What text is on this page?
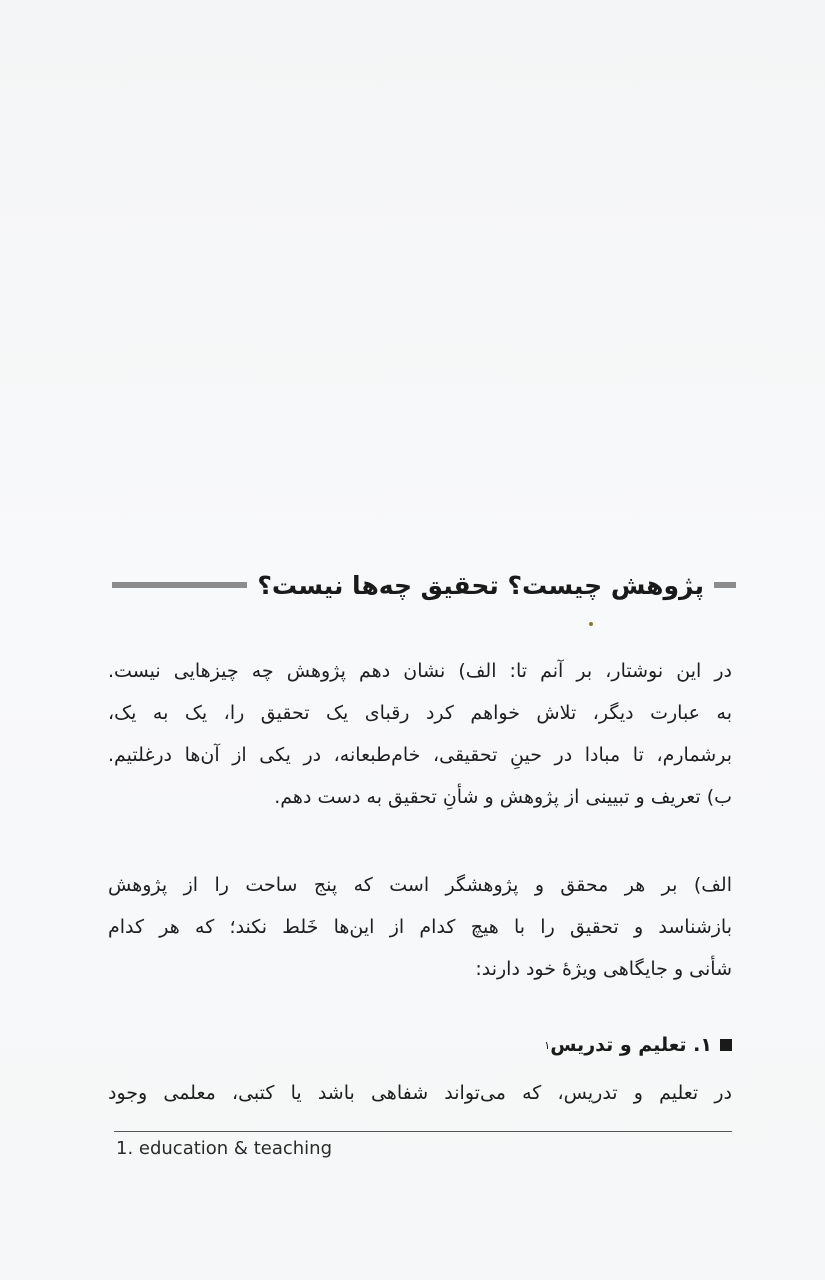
پژوهش چیست؟ تحقیق چه‌ها نیست؟
در این نوشتار، بر آنم تا: الف) نشان دهم پژوهش چه چیزهایی نیست.
به عبارت دیگر، تلاش خواهم کرد رقبای یک تحقیق را، یک به یک،
برشمارم، تا مبادا در حینِ تحقیقی، خام‌طبعانه، در یکی از آن‌ها درغلتیم.
ب) تعریف و تبیینی از پژوهش و شأنِ تحقیق به دست دهم.
الف) بر هر محقق و پژوهشگر است که پنج ساحت را از پژوهش
بازشناسد و تحقیق را با هیچ کدام از این‌ها خَلط نکند؛ که هر کدام
شأنی و جایگاهی ویژهٔ خود دارند:
۱. تعلیم و تدریس
۱
در تعلیم و تدریس، که می‌تواند شفاهی باشد یا کتبی، معلمی وجود
1. education & teaching
